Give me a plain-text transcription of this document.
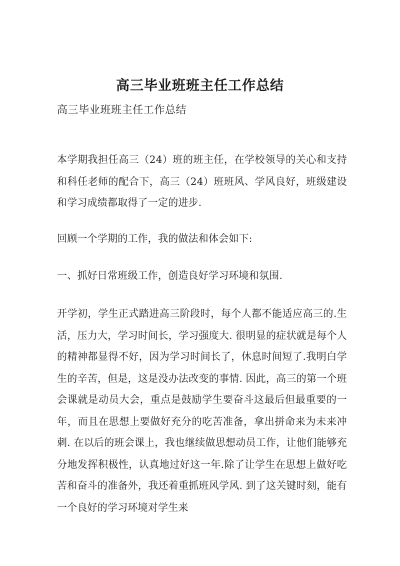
高三毕业班班主任工作总结
高三毕业班班主任工作总结
本学期我担任高三（24）班的班主任，在学校领导的关心和支持和科任老师的配合下，高三（24）班班风、学风良好，班级建设和学习成绩都取得了一定的进步.
回顾一个学期的工作，我的做法和体会如下:
一、抓好日常班级工作，创造良好学习环境和氛围.
开学初，学生正式踏进高三阶段时，每个人都不能适应高三的.生活，压力大，学习时间长，学习强度大. 很明显的症状就是每个人的精神都显得不好，因为学习时间长了，休息时间短了.我明白学生的辛苦，但是，这是没办法改变的事情. 因此，高三的第一个班会课就是动员大会，重点是鼓励学生要奋斗这最后但最重要的一年，而且在思想上要做好充分的吃苦准备，拿出拼命来为未来冲刺. 在以后的班会课上，我也继续做思想动员工作，让他们能够充分地发挥积极性，认真地过好这一年.除了让学生在思想上做好吃苦和奋斗的准备外，我还着重抓班风学风. 到了这关键时刻，能有一个良好的学习环境对学生来
